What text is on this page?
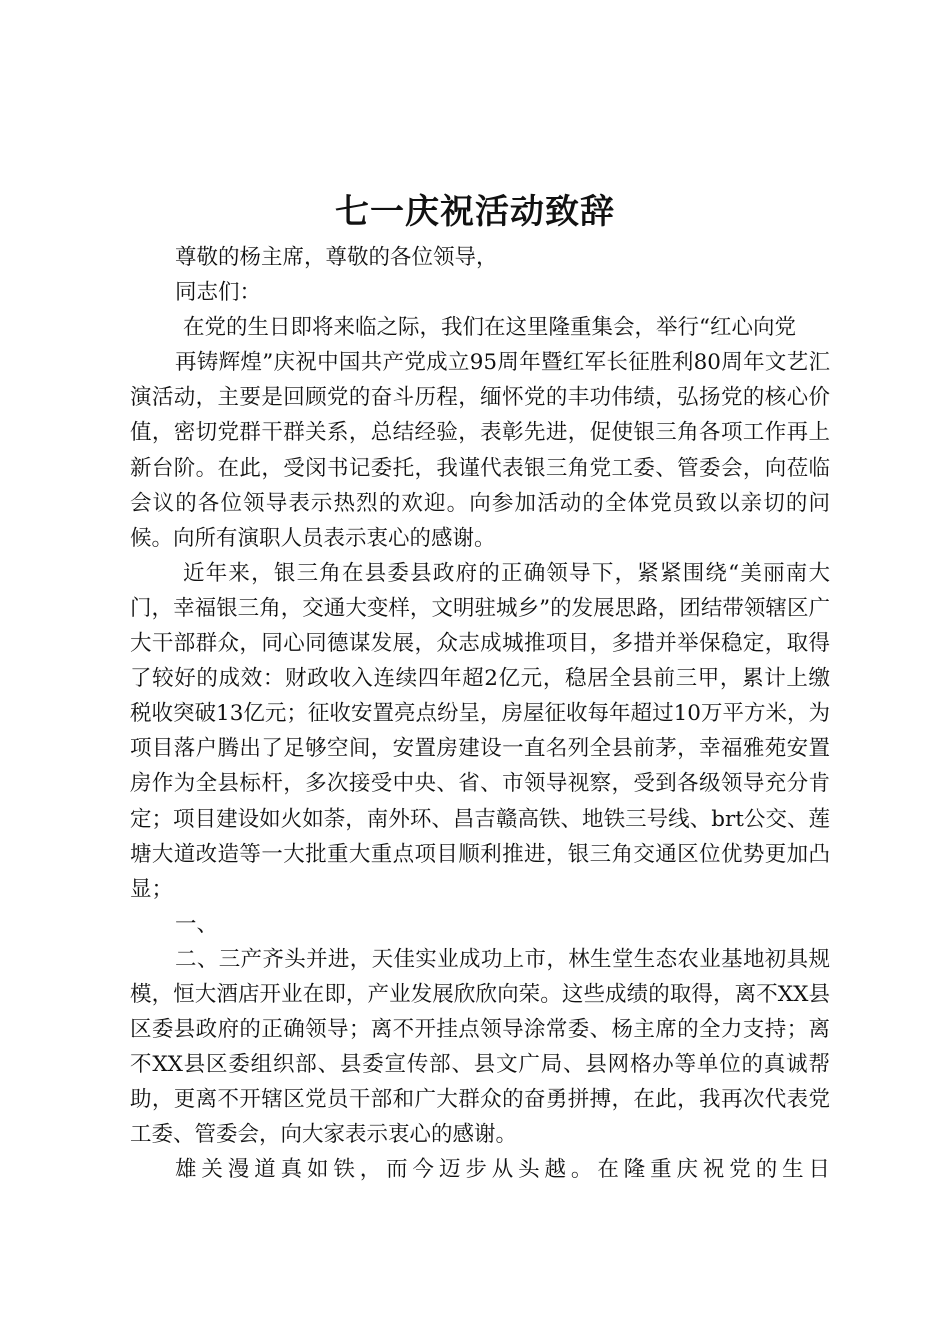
七一庆祝活动致辞

尊敬的杨主席，尊敬的各位领导，

同志们：

在党的生日即将来临之际，我们在这里隆重集会，举行“红心向党

再铸辉煌”庆祝中国共产党成立95周年暨红军长征胜利80周年文艺汇演活动，主要是回顾党的奋斗历程，缅怀党的丰功伟绩，弘扬党的核心价值，密切党群干群关系，总结经验，表彰先进，促使银三角各项工作再上新台阶。在此，受闵书记委托，我谨代表银三角党工委、管委会，向莅临会议的各位领导表示热烈的欢迎。向参加活动的全体党员致以亲切的问候。向所有演职人员表示衷心的感谢。

近年来，银三角在县委县政府的正确领导下，紧紧围绕“美丽南大门，幸福银三角，交通大变样，文明驻城乡”的发展思路，团结带领辖区广大干部群众，同心同德谋发展，众志成城推项目，多措并举保稳定，取得了较好的成效：财政收入连续四年超2亿元，稳居全县前三甲，累计上缴税收突破13亿元；征收安置亮点纷呈，房屋征收每年超过10万平方米，为项目落户腾出了足够空间，安置房建设一直名列全县前茅，幸福雅苑安置房作为全县标杆，多次接受中央、省、市领导视察，受到各级领导充分肯定；项目建设如火如荼，南外环、昌吉赣高铁、地铁三号线、brt公交、莲塘大道改造等一大批重大重点项目顺利推进，银三角交通区位优势更加凸显；

一、

二、三产齐头并进，天佳实业成功上市，林生堂生态农业基地初具规模，恒大酒店开业在即，产业发展欣欣向荣。这些成绩的取得，离不XX县区委县政府的正确领导；离不开挂点领导涂常委、杨主席的全力支持；离不XX县区委组织部、县委宣传部、县文广局、县网格办等单位的真诚帮助，更离不开辖区党员干部和广大群众的奋勇拼搏，在此，我再次代表党工委、管委会，向大家表示衷心的感谢。

雄关漫道真如铁，而今迈步从头越。在隆重庆祝党的生日
